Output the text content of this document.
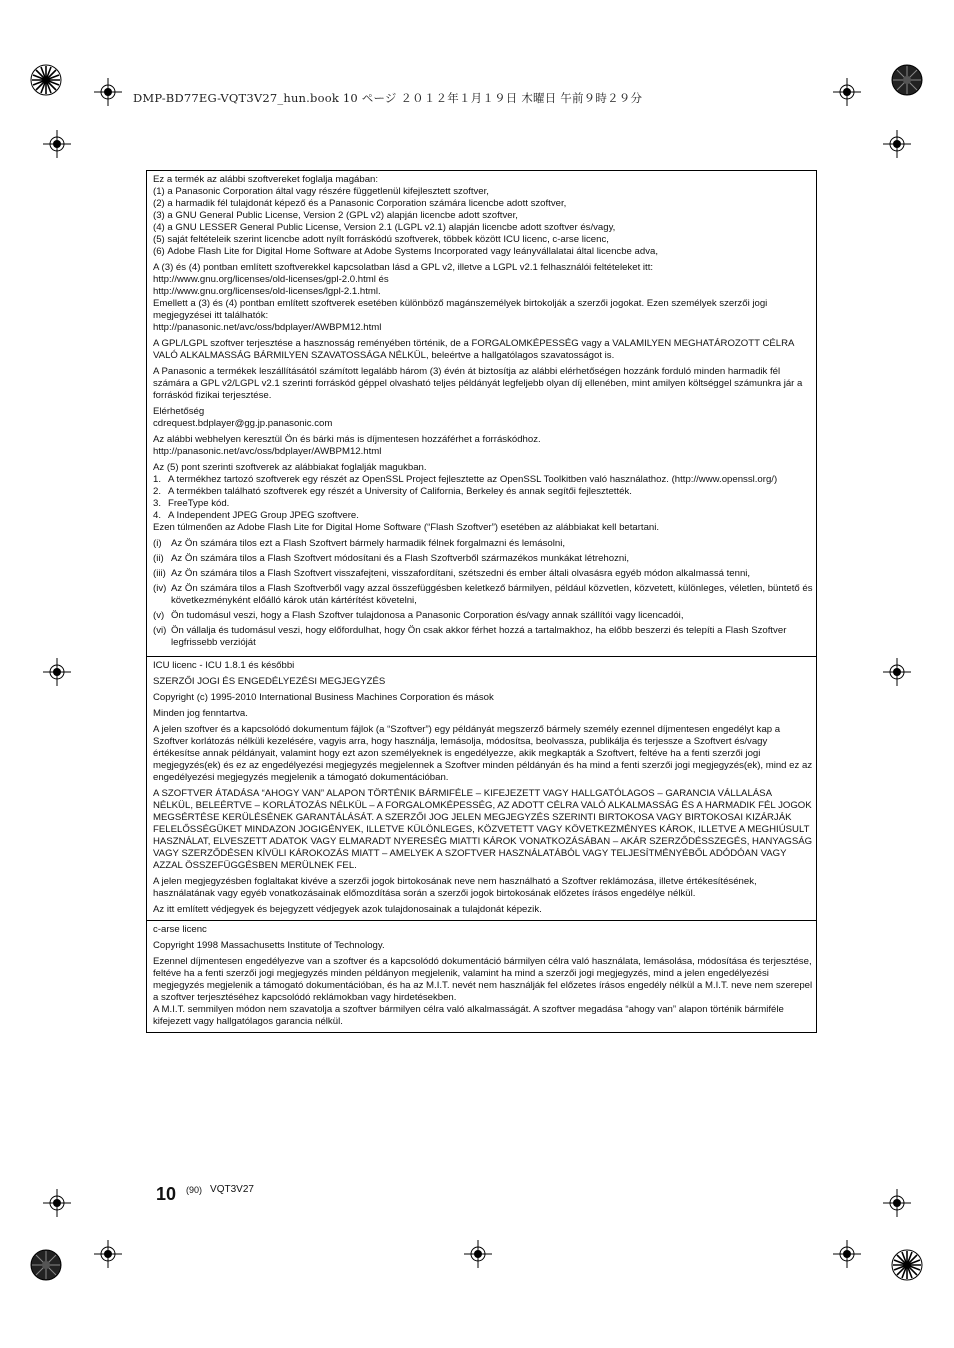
DMP-BD77EG-VQT3V27_hun.book 10 ページ ２０１２年１月１９日 木曜日 午前９時２９分

Ez a termék az alábbi szoftvereket foglalja magában:

(1)
a Panasonic Corporation által vagy részére függetlenül kifejlesztett szoftver,
(2)
a harmadik fél tulajdonát képező és a Panasonic Corporation számára licencbe adott szoftver,
(3)
a GNU General Public License, Version 2 (GPL v2) alapján licencbe adott szoftver,
(4)
a GNU LESSER General Public License, Version 2.1 (LGPL v2.1) alapján licencbe adott szoftver és/vagy,
(5)
saját feltételeik szerint licencbe adott nyílt forráskódú szoftverek, többek között ICU licenc, c-arse licenc,
(6)
Adobe Flash Lite for Digital Home Software at Adobe Systems Incorporated vagy leányvállalatai által licencbe adva,

A (3) és (4) pontban említett szoftverekkel kapcsolatban lásd a GPL v2, illetve a LGPL v2.1 felhasználói feltételeket itt:

http://www.gnu.org/licenses/old-licenses/gpl-2.0.html és

http://www.gnu.org/licenses/old-licenses/lgpl-2.1.html.

Emellett a (3) és (4) pontban említett szoftverek esetében különböző magánszemélyek birtokolják a szerzői jogokat. Ezen személyek szerzői jogi megjegyzései itt találhatók:

http://panasonic.net/avc/oss/bdplayer/AWBPM12.html

A GPL/LGPL szoftver terjesztése a hasznosság reményében történik, de a FORGALOMKÉPESSÉG vagy a VALAMILYEN MEGHATÁROZOTT CÉLRA VALÓ ALKALMASSÁG BÁRMILYEN SZAVATOSSÁGA NÉLKÜL, beleértve a hallgatólagos szavatosságot is.

A Panasonic a termékek leszállításától számított legalább három (3) évén át biztosítja az alábbi elérhetőségen hozzánk forduló minden harmadik fél számára a GPL v2/LGPL v2.1 szerinti forráskód géppel olvasható teljes példányát legfeljebb olyan díj ellenében, mint amilyen költséggel számunkra jár a forráskód fizikai terjesztése.

Elérhetőség

cdrequest.bdplayer@gg.jp.panasonic.com

Az alábbi webhelyen keresztül Ön és bárki más is díjmentesen hozzáférhet a forráskódhoz.

http://panasonic.net/avc/oss/bdplayer/AWBPM12.html

Az (5) pont szerinti szoftverek az alábbiakat foglalják magukban.

1. A termékhez tartozó szoftverek egy részét az OpenSSL Project fejlesztette az OpenSSL Toolkitben való használathoz. (http://www.openssl.org/)
2. A termékben található szoftverek egy részét a University of California, Berkeley és annak segítői fejlesztették.
3. FreeType kód.
4. A Independent JPEG Group JPEG szoftvere.

Ezen túlmenően az Adobe Flash Lite for Digital Home Software (“Flash Szoftver”) esetében az alábbiakat kell betartani.

(i) Az Ön számára tilos ezt a Flash Szoftvert bármely harmadik félnek forgalmazni és lemásolni,
(ii) Az Ön számára tilos a Flash Szoftvert módosítani és a Flash Szoftverből származékos munkákat létrehozni,
(iii) Az Ön számára tilos a Flash Szoftvert visszafejteni, visszafordítani, szétszedni és ember általi olvasásra egyéb módon alkalmassá tenni,
(iv) Az Ön számára tilos a Flash Szoftverből vagy azzal összefüggésben keletkező bármilyen, például közvetlen, közvetett, különleges, véletlen, büntető és következményként előálló károk után kártérítést követelni,
(v) Ön tudomásul veszi, hogy a Flash Szoftver tulajdonosa a Panasonic Corporation és/vagy annak szállítói vagy licencadói,
(vi) Ön vállalja és tudomásul veszi, hogy előfordulhat, hogy Ön csak akkor férhet hozzá a tartalmakhoz, ha előbb beszerzi és telepíti a Flash Szoftver legfrissebb verzióját

ICU licenc - ICU 1.8.1 és későbbi

SZERZŐI JOGI ÉS ENGEDÉLYEZÉSI MEGJEGYZÉS

Copyright (c) 1995-2010 International Business Machines Corporation és mások

Minden jog fenntartva.

A jelen szoftver és a kapcsolódó dokumentum fájlok (a “Szoftver”) egy példányát megszerző bármely személy ezennel díjmentesen engedélyt kap a Szoftver korlátozás nélküli kezelésére, vagyis arra, hogy használja, lemásolja, módosítsa, beolvassza, publikálja és terjessze a Szoftvert és/vagy értékesítse annak példányait, valamint hogy ezt azon személyeknek is engedélyezze, akik megkapták a Szoftvert, feltéve ha a fenti szerzői jogi megjegyzés(ek) és ez az engedélyezési megjegyzés megjelennek a Szoftver minden példányán és ha mind a fenti szerzői jogi megjegyzés(ek), mind ez az engedélyezési megjegyzés megjelenik a támogató dokumentációban.

A SZOFTVER ÁTADÁSA “AHOGY VAN” ALAPON TÖRTÉNIK BÁRMIFÉLE – KIFEJEZETT VAGY HALLGATÓLAGOS – GARANCIA VÁLLALÁSA NÉLKÜL, BELEÉRTVE – KORLÁTOZÁS NÉLKÜL – A FORGALOMKÉPESSÉG, AZ ADOTT CÉLRA VALÓ ALKALMASSÁG ÉS A HARMADIK FÉL JOGOK MEGSÉRTÉSE KERÜLÉSÉNEK GARANTÁLÁSÁT. A SZERZŐI JOG JELEN MEGJEGYZÉS SZERINTI BIRTOKOSA VAGY BIRTOKOSAI KIZÁRJÁK FELELŐSSÉGÜKET MINDAZON JOGIGÉNYEK, ILLETVE KÜLÖNLEGES, KÖZVETETT VAGY KÖVETKEZMÉNYES KÁROK, ILLETVE A MEGHIÚSULT HASZNÁLAT, ELVESZETT ADATOK VAGY ELMARADT NYERESÉG MIATTI KÁROK VONATKOZÁSÁBAN – AKÁR SZERZŐDÉSSZEGÉS, HANYAGSÁG VAGY SZERZŐDÉSEN KÍVÜLI KÁROKOZÁS MIATT – AMELYEK A SZOFTVER HASZNÁLATÁBÓL VAGY TELJESÍTMÉNYÉBŐL ADÓDÓAN VAGY AZZAL ÖSSZEFÜGGÉSBEN MERÜLNEK FEL.

A jelen megjegyzésben foglaltakat kivéve a szerzői jogok birtokosának neve nem használható a Szoftver reklámozása, illetve értékesítésének, használatának vagy egyéb vonatkozásainak előmozdítása során a szerzői jogok birtokosának előzetes írásos engedélye nélkül.

Az itt említett védjegyek és bejegyzett védjegyek azok tulajdonosainak a tulajdonát képezik.

c-arse licenc

Copyright 1998 Massachusetts Institute of Technology.

Ezennel díjmentesen engedélyezve van a szoftver és a kapcsolódó dokumentáció bármilyen célra való használata, lemásolása, módosítása és terjesztése, feltéve ha a fenti szerzői jogi megjegyzés minden példányon megjelenik, valamint ha mind a szerzői jogi megjegyzés, mind a jelen engedélyezési megjegyzés megjelenik a támogató dokumentációban, és ha az M.I.T. nevét nem használják fel előzetes írásos engedély nélkül a M.I.T. neve nem szerepel a szoftver terjesztéséhez kapcsolódó reklámokban vagy hirdetésekben.

A M.I.T. semmilyen módon nem szavatolja a szoftver bármilyen célra való alkalmasságát. A szoftver megadása “ahogy van” alapon történik bármiféle kifejezett vagy hallgatólagos garancia nélkül.

10 (90) VQT3V27
